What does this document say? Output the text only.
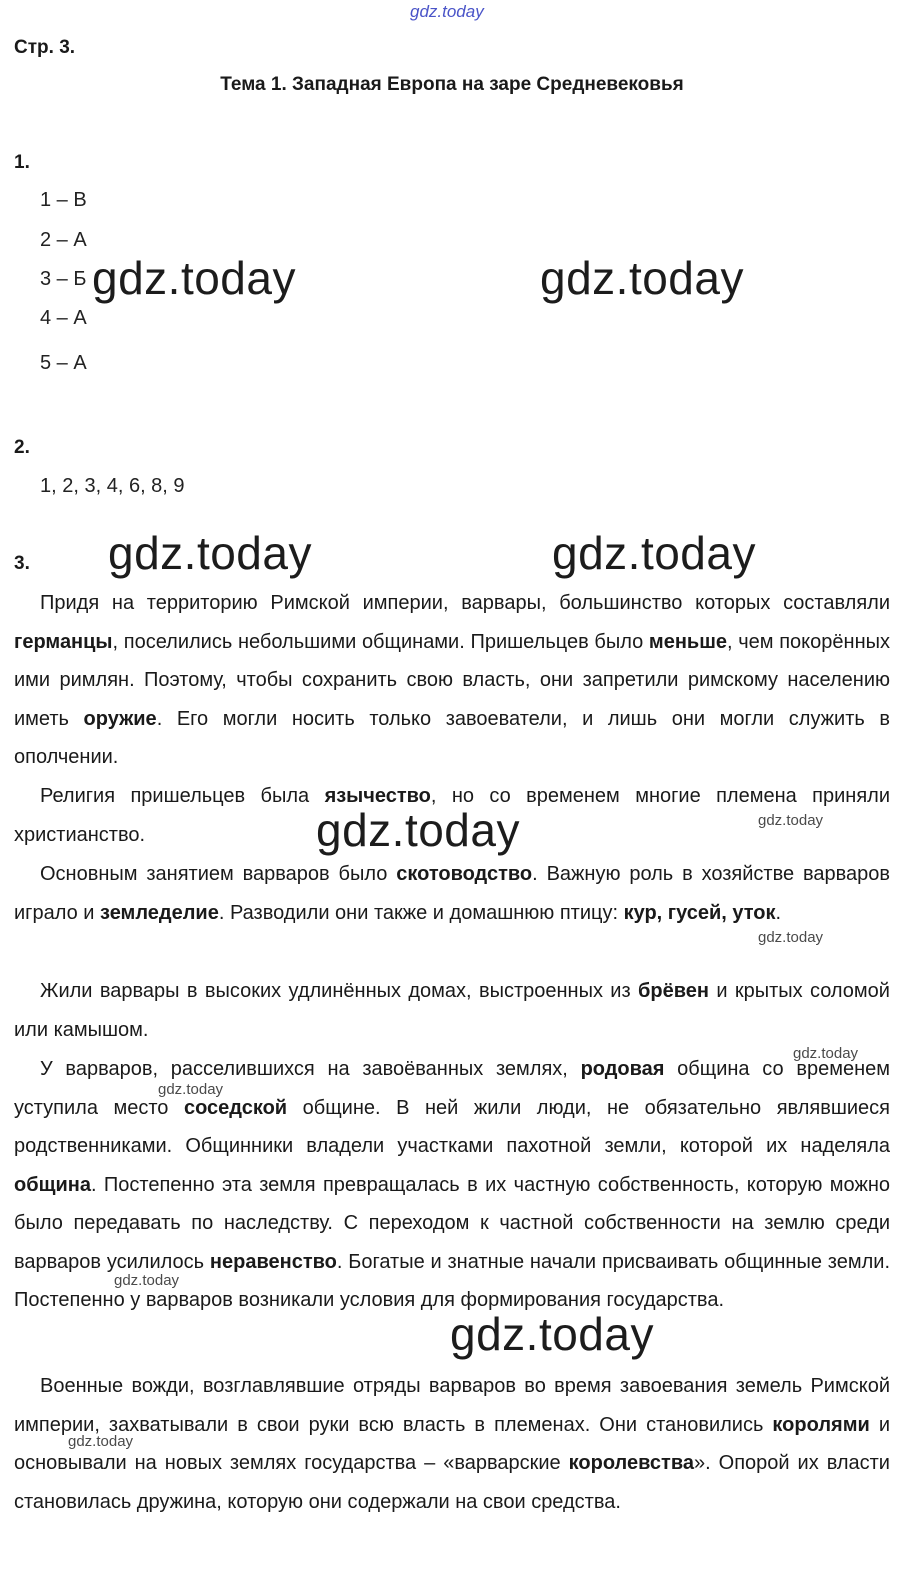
gdz.today
Стр. 3.
Тема 1. Западная Европа на заре Средневековья
1.
1 – В
2 – А
3 – Б
4 – А
5 – А
2.
1, 2, 3, 4, 6, 8, 9
3.
Придя на территорию Римской империи, варвары, большинство которых составляли германцы, поселились небольшими общинами. Пришельцев было меньше, чем покорённых ими римлян. Поэтому, чтобы сохранить свою власть, они запретили римскому населению иметь оружие. Его могли носить только завоеватели, и лишь они могли служить в ополчении.
Религия пришельцев была язычество, но со временем многие племена приняли христианство.
Основным занятием варваров было скотоводство. Важную роль в хозяйстве варваров играло и земледелие. Разводили они также и домашнюю птицу: кур, гусей, уток.
Жили варвары в высоких удлинённых домах, выстроенных из брёвен и крытых соломой или камышом.
У варваров, расселившихся на завоёванных землях, родовая община со временем уступила место соседской общине. В ней жили люди, не обязательно являвшиеся родственниками. Общинники владели участками пахотной земли, которой их наделяла община. Постепенно эта земля превращалась в их частную собственность, которую можно было передавать по наследству. С переходом к частной собственности на землю среди варваров усилилось неравенство. Богатые и знатные начали присваивать общинные земли. Постепенно у варваров возникали условия для формирования государства.
Военные вожди, возглавлявшие отряды варваров во время завоевания земель Римской империи, захватывали в свои руки всю власть в племенах. Они становились королями и основывали на новых землях государства – «варварские королевства». Опорой их власти становилась дружина, которую они содержали на свои средства.
gdz.today	gdz.today
gdz.today	gdz.today
gdz.today
gdz.today
gdz.today
gdz.today
gdz.today
gdz.today
gdz.today
gdz.today
